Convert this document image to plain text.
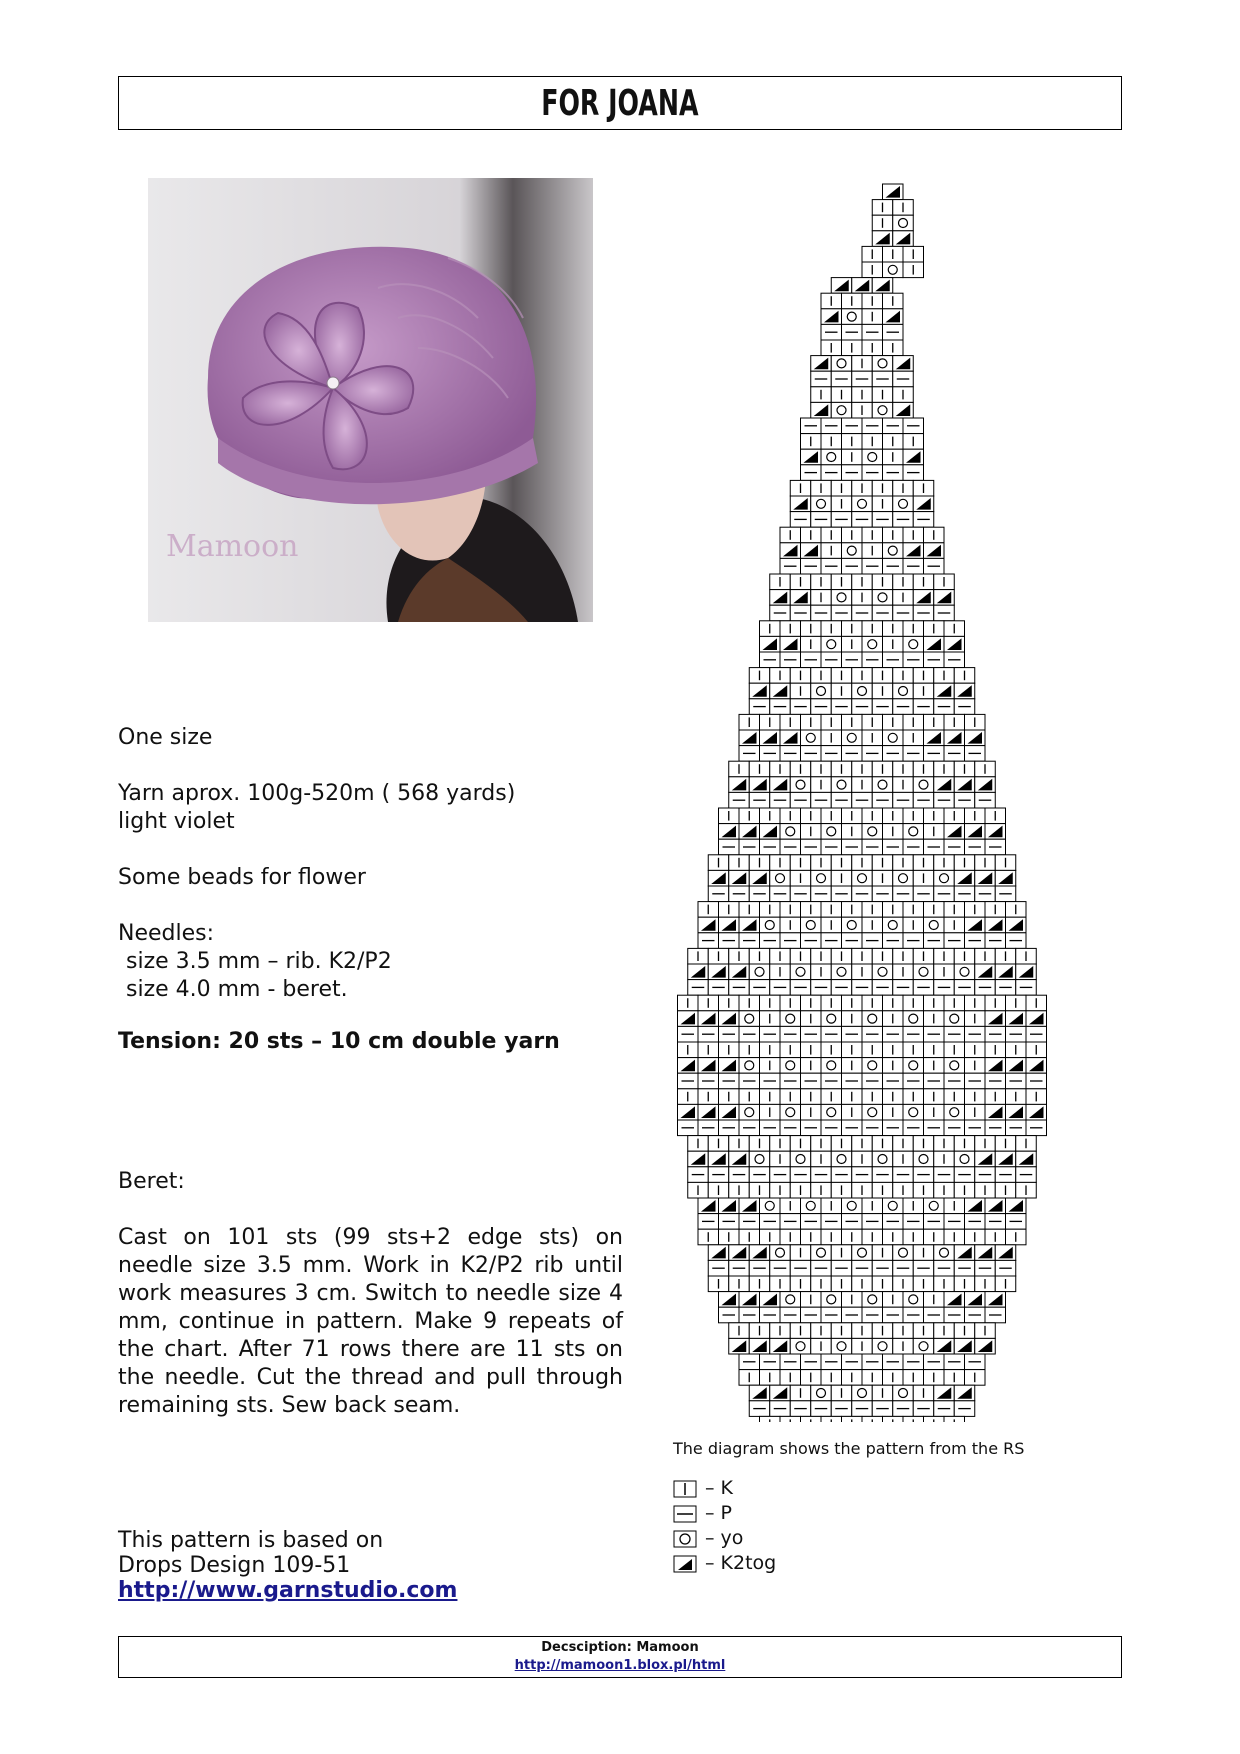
FOR JOANA
Mamoon

One size

Yarn aprox. 100g-520m ( 568 yards)

light violet

Some beads for flower

Needles:

size 3.5 mm – rib. K2/P2

size 4.0 mm - beret.

Tension: 20 sts – 10 cm double yarn

Beret:

Cast on 101 sts (99 sts+2 edge sts) on needle size 3.5 mm. Work in K2/P2 rib until work measures 3 cm. Switch to needle size 4 mm, continue in pattern. Make 9 repeats of the chart. After 71 rows there are 11 sts on the needle. Cut the thread and pull through remaining sts. Sew back seam.

This pattern is based on

Drops Design 109-51

http://www.garnstudio.com

The diagram shows the pattern from the RS
– K
– P
– yo
– K2tog
Decsciption: Mamoon
http://mamoon1.blox.pl/html
